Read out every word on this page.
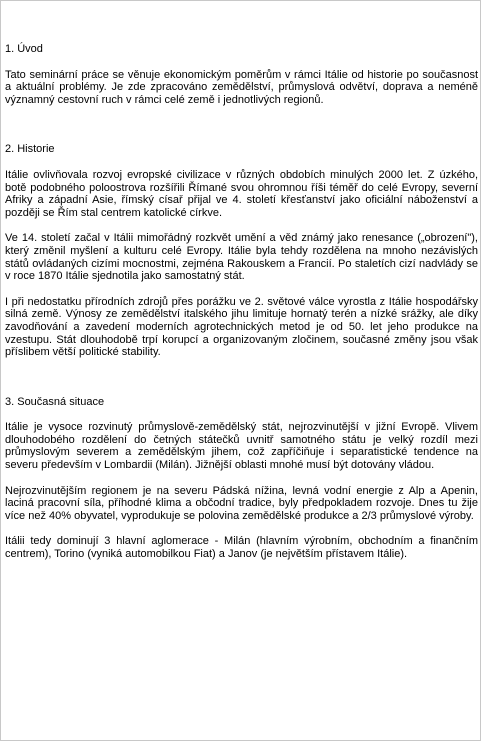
1. Úvod

Tato seminární práce se věnuje ekonomickým poměrům v rámci Itálie od historie po současnost a aktuální problémy. Je zde zpracováno zemědělství, průmyslová odvětví, doprava a neméně významný cestovní ruch v rámci celé země i jednotlivých regionů.

2. Historie

Itálie ovlivňovala rozvoj evropské civilizace v různých obdobích minulých 2000 let. Z úzkého, botě podobného poloostrova rozšířili Římané svou ohromnou říši téměř do celé Evropy, severní Afriky a západní Asie, římský císař přijal ve 4. století křesťanství jako oficiální náboženství a později se Řím stal centrem katolické církve.

Ve 14. století začal v Itálii mimořádný rozkvět umění a věd známý jako renesance („obrození"), který změnil myšlení a kulturu celé Evropy. Itálie byla tehdy rozdělena na mnoho nezávislých států ovládaných cizími mocnostmi, zejména Rakouskem a Francií. Po staletích cizí nadvlády se v roce 1870 Itálie sjednotila jako samostatný stát.

I při nedostatku přírodních zdrojů přes porážku ve 2. světové válce vyrostla z Itálie hospodářsky silná země. Výnosy ze zemědělství italského jihu limituje hornatý terén a nízké srážky, ale díky zavodňování a zavedení moderních agrotechnických metod je od 50. let jeho produkce na vzestupu. Stát dlouhodobě trpí korupcí a organizovaným zločinem, současné změny jsou však příslibem větší politické stability.

3. Současná situace

Itálie je vysoce rozvinutý průmyslově-zemědělský stát, nejrozvinutější v jižní Evropě. Vlivem dlouhodobého rozdělení do četných státečků uvnitř samotného státu je velký rozdíl mezi průmyslovým severem a zemědělským jihem, což zapříčiňuje i separatistické tendence na severu především v Lombardii (Milán). Jižnější oblasti mnohé musí být dotovány vládou.

Nejrozvinutějším regionem je na severu Pádská nížina, levná vodní energie z Alp a Apenin, laciná pracovní síla, příhodné klima a občodní tradice, byly předpokladem rozvoje. Dnes tu žije více než 40% obyvatel, vyprodukuje se polovina zemědělské produkce a 2/3 průmyslové výroby.

Itálii tedy dominují 3 hlavní aglomerace - Milán (hlavním výrobním, obchodním a finančním centrem), Torino (vyniká automobilkou Fiat) a Janov (je největším přístavem Itálie).
